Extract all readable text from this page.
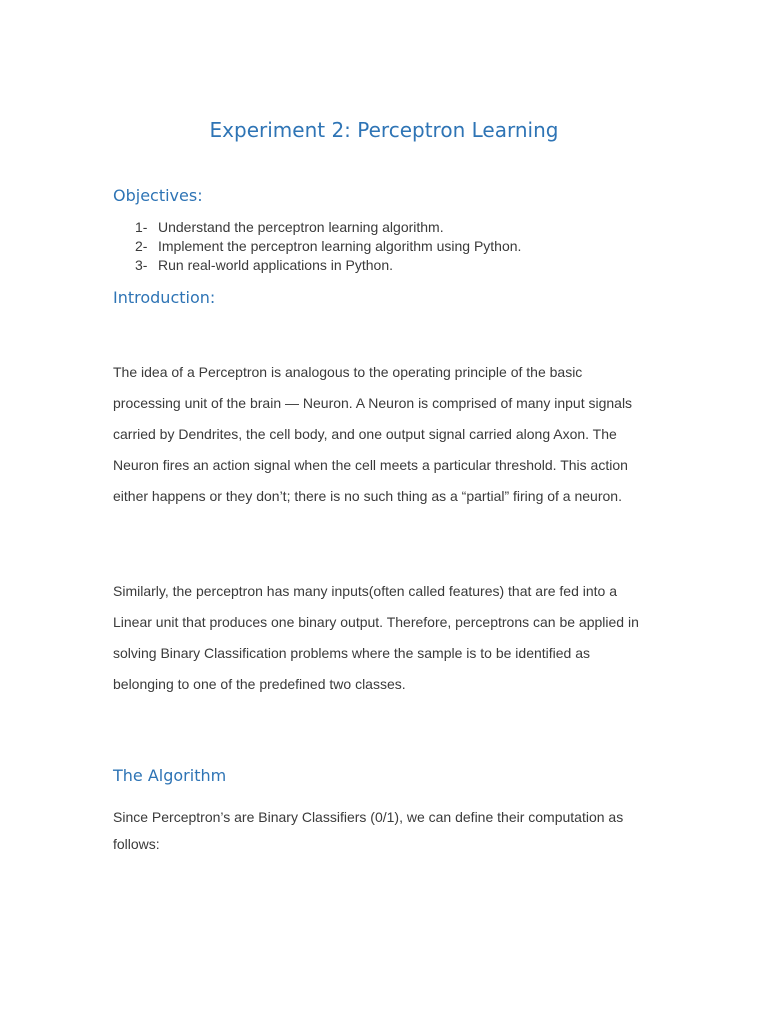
Experiment 2: Perceptron Learning
Objectives:
1- Understand the perceptron learning algorithm.
2- Implement the perceptron learning algorithm using Python.
3- Run real-world applications in Python.
Introduction:

The idea of a Perceptron is analogous to the operating principle of the basic processing unit of the brain — Neuron. A Neuron is comprised of many input signals carried by Dendrites, the cell body, and one output signal carried along Axon. The Neuron fires an action signal when the cell meets a particular threshold. This action either happens or they don’t; there is no such thing as a “partial” firing of a neuron.

Similarly, the perceptron has many inputs(often called features) that are fed into a Linear unit that produces one binary output. Therefore, perceptrons can be applied in solving Binary Classification problems where the sample is to be identified as belonging to one of the predefined two classes.

The Algorithm

Since Perceptron’s are Binary Classifiers (0/1), we can define their computation as follows:
